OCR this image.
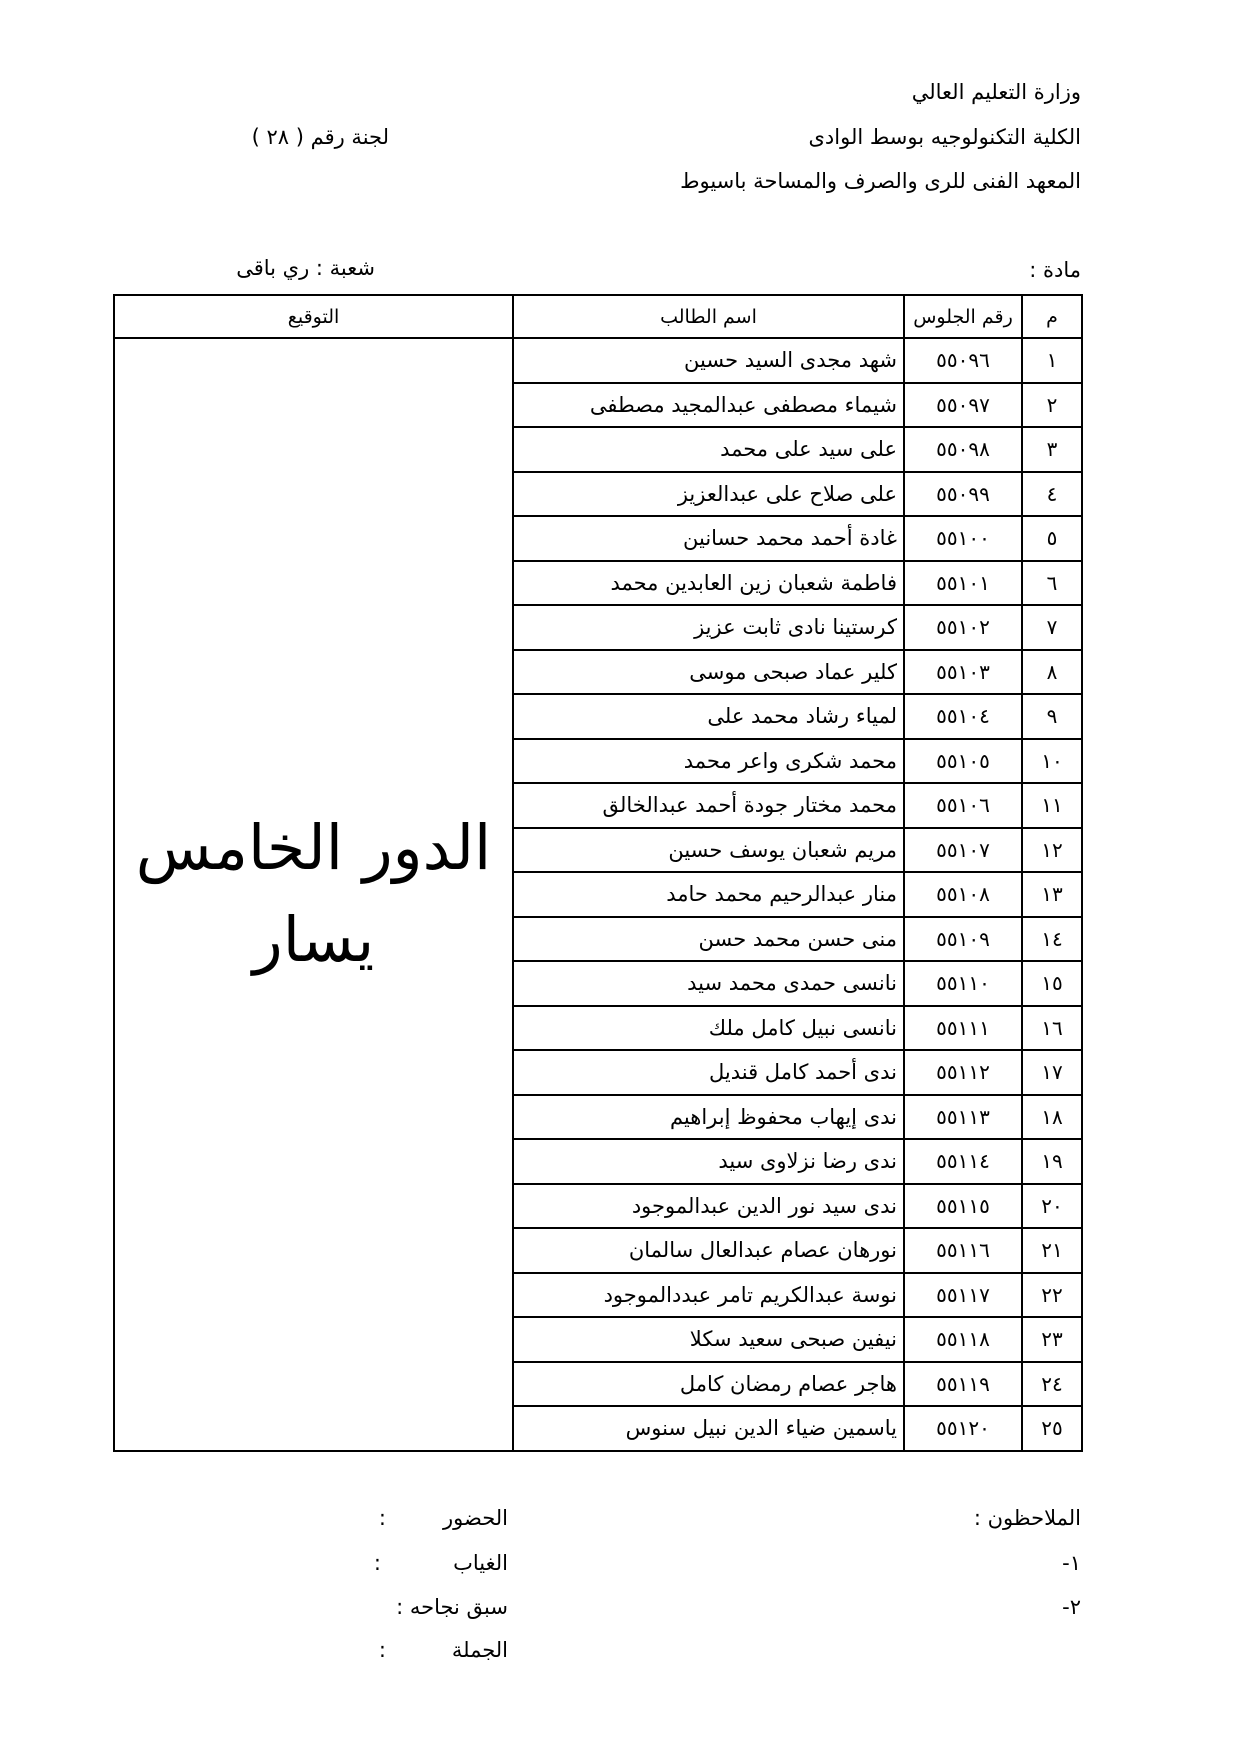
وزارة التعليم العالي
الكلية التكنولوجيه بوسط الوادى
المعهد الفنى للرى والصرف والمساحة باسيوط
لجنة رقم ( ٢٨ )
مادة :
شعبة : ري باقى
م	رقم الجلوس	اسم الطالب	التوقيع
١	٥٥٠٩٦	شهد مجدى السيد حسين	الدور الخامس
يسار

٢	٥٥٠٩٧	شيماء مصطفى عبدالمجيد مصطفى	
٣	٥٥٠٩٨	على سيد على محمد	
٤	٥٥٠٩٩	على صلاح على عبدالعزيز	
٥	٥٥١٠٠	غادة أحمد محمد حسانين	
٦	٥٥١٠١	فاطمة شعبان زين العابدين محمد	
٧	٥٥١٠٢	كرستينا نادى ثابت عزيز	
٨	٥٥١٠٣	كلير عماد صبحى موسى	
٩	٥٥١٠٤	لمياء رشاد محمد على	
١٠	٥٥١٠٥	محمد شكرى واعر محمد	
١١	٥٥١٠٦	محمد مختار جودة أحمد عبدالخالق	
١٢	٥٥١٠٧	مريم شعبان يوسف حسين	
١٣	٥٥١٠٨	منار عبدالرحيم محمد حامد	
١٤	٥٥١٠٩	منى حسن محمد حسن	
١٥	٥٥١١٠	نانسى حمدى محمد سيد	
١٦	٥٥١١١	نانسى نبيل كامل ملك	
١٧	٥٥١١٢	ندى أحمد كامل قنديل	
١٨	٥٥١١٣	ندى إيهاب محفوظ إبراهيم	
١٩	٥٥١١٤	ندى رضا نزلاوى سيد	
٢٠	٥٥١١٥	ندى سيد نور الدين عبدالموجود	
٢١	٥٥١١٦	نورهان عصام عبدالعال سالمان	
٢٢	٥٥١١٧	نوسة عبدالكريم تامر عبددالموجود	
٢٣	٥٥١١٨	نيفين صبحى سعيد سكلا	
٢٤	٥٥١١٩	هاجر عصام رمضان كامل	
٢٥	٥٥١٢٠	ياسمين ضياء الدين نبيل سنوس	
الملاحظون :
١-
٢-
الحضور
:
الغياب
:
سبق نجاحه :
الجملة
:
